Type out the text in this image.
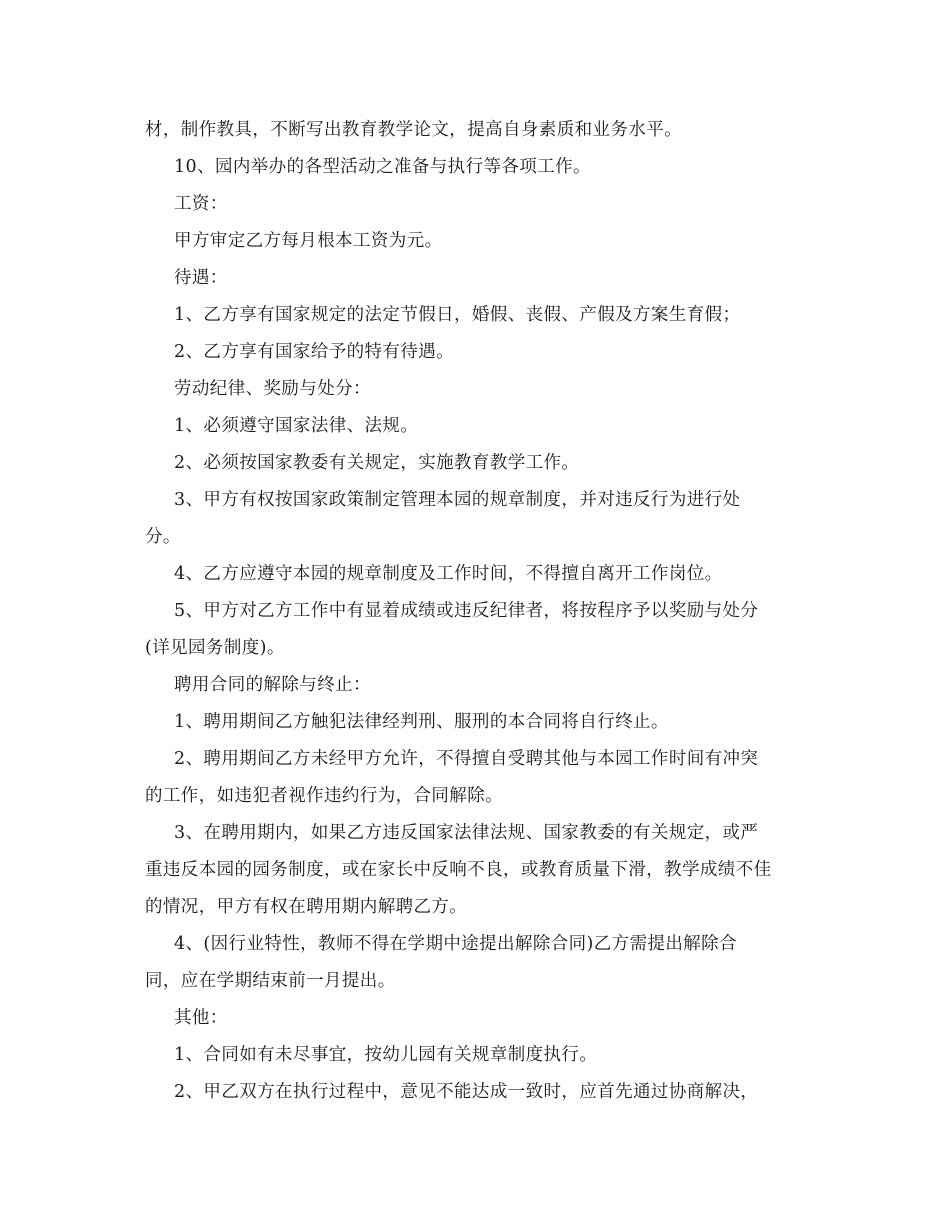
材，制作教具，不断写出教育教学论文，提高自身素质和业务水平。
10、园内举办的各型活动之准备与执行等各项工作。
工资：
甲方审定乙方每月根本工资为元。
待遇：
1、乙方享有国家规定的法定节假日，婚假、丧假、产假及方案生育假；
2、乙方享有国家给予的特有待遇。
劳动纪律、奖励与处分：
1、必须遵守国家法律、法规。
2、必须按国家教委有关规定，实施教育教学工作。
3、甲方有权按国家政策制定管理本园的规章制度，并对违反行为进行处
分。
4、乙方应遵守本园的规章制度及工作时间，不得擅自离开工作岗位。
5、甲方对乙方工作中有显着成绩或违反纪律者，将按程序予以奖励与处分
(详见园务制度)。
聘用合同的解除与终止：
1、聘用期间乙方触犯法律经判刑、服刑的本合同将自行终止。
2、聘用期间乙方未经甲方允许，不得擅自受聘其他与本园工作时间有冲突
的工作，如违犯者视作违约行为，合同解除。
3、在聘用期内，如果乙方违反国家法律法规、国家教委的有关规定，或严
重违反本园的园务制度，或在家长中反响不良，或教育质量下滑，教学成绩不佳
的情况，甲方有权在聘用期内解聘乙方。
4、(因行业特性，教师不得在学期中途提出解除合同)乙方需提出解除合
同，应在学期结束前一月提出。
其他：
1、合同如有未尽事宜，按幼儿园有关规章制度执行。
2、甲乙双方在执行过程中，意见不能达成一致时，应首先通过协商解决，
